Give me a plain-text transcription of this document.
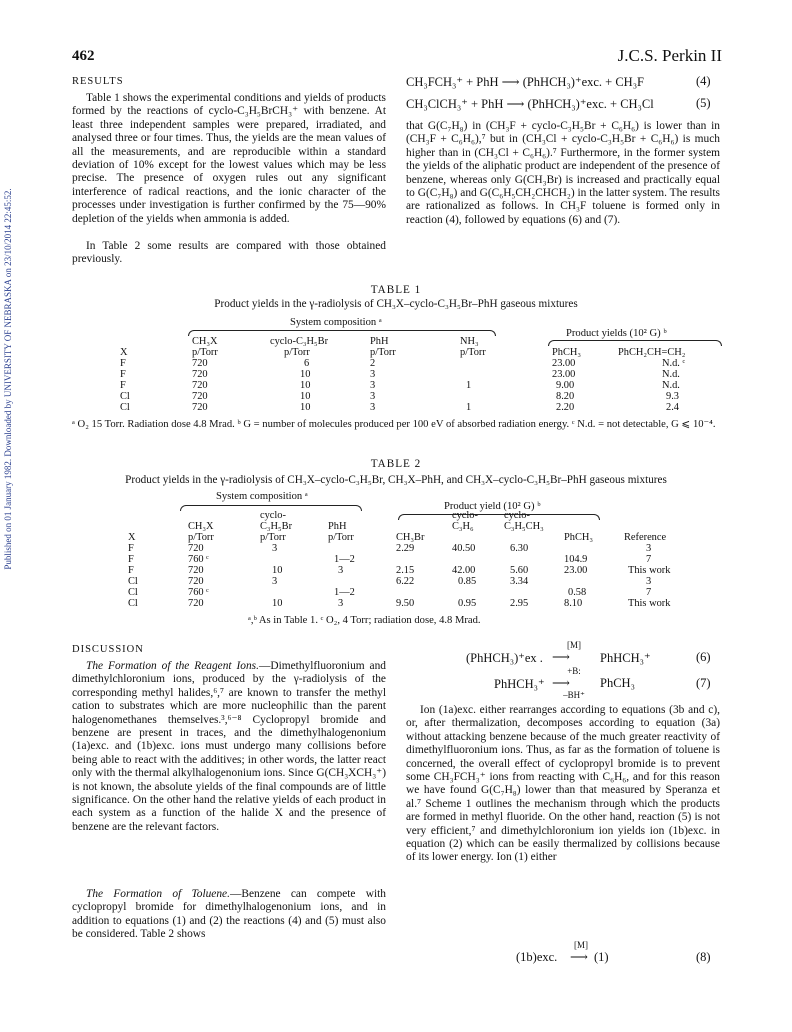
Published on 01 January 1982. Downloaded by UNIVERSITY OF NEBRASKA on 23/10/2014 22:45:52.
462	J.C.S. Perkin II
RESULTS

Table 1 shows the experimental conditions and yields of products formed by the reactions of cyclo-C₃H₅BrCH₃⁺ with benzene. At least three independent samples were prepared, irradiated, and analysed three or four times. Thus, the yields are the mean values of all the measurements, and are reproducible within a standard deviation of 10% except for the lowest values which may be less precise. The presence of oxygen rules out any significant interference of radical reactions, and the ionic character of the processes under investigation is further confirmed by the 75—90% depletion of the yields when ammonia is added.

In Table 2 some results are compared with those obtained previously.

CH₃FCH₃⁺ + PhH ⟶ (PhHCH₃)⁺exc. + CH₃F	(4)
CH₃ClCH₃⁺ + PhH ⟶ (PhHCH₃)⁺exc. + CH₃Cl	(5)

that G(C₇H₈) in (CH₃F + cyclo-C₃H₅Br + C₆H₆) is lower than in (CH₃F + C₆H₆),⁷ but in (CH₃Cl + cyclo-C₃H₅Br + C₆H₆) is much higher than in (CH₃Cl + C₆H₆).⁷ Furthermore, in the former system the yields of the aliphatic product are independent of the presence of benzene, whereas only G(CH₃Br) is increased and practically equal to G(C₇H₈) and G(C₆H₅CH₂CHCH₂) in the latter system. The results are rationalized as follows. In CH₃F toluene is formed only in reaction (4), followed by equations (6) and (7).

TABLE 1
Product yields in the γ-radiolysis of CH₃X–cyclo-C₃H₅Br–PhH gaseous mixtures
System composition ᵃ
Product yields (10² G) ᵇ
	CH₃X	cyclo-C₃H₅Br	PhH	NH₃		
X	p/Torr	p/Torr	p/Torr	p/Torr	PhCH₃	PhCH₂CH=CH₂
F	720	6	2		23.00	N.d. ᶜ
F	720	10	3		23.00	N.d.
F	720	10	3	1	9.00	N.d.
Cl	720	10	3		8.20	9.3
Cl	720	10	3	1	2.20	2.4
ᵃ O₂ 15 Torr. Radiation dose 4.8 Mrad. ᵇ G = number of molecules produced per 100 eV of absorbed radiation energy. ᶜ N.d. = not detectable, G ⩽ 10⁻⁴.
TABLE 2
Product yields in the γ-radiolysis of CH₃X–cyclo-C₃H₅Br, CH₃X–PhH, and CH₃X–cyclo-C₃H₅Br–PhH gaseous mixtures
System composition ᵃ
Product yield (10² G) ᵇ
		cyclo-			cyclo-	cyclo-		
	CH₃X	C₃H₅Br	PhH		C₃H₆	C₃H₅CH₃		
X	p/Torr	p/Torr	p/Torr	CH₃Br			PhCH₃	Reference
F	720	3		2.29	40.50	6.30		3
F	760 ᶜ		1—2				104.9	7
F	720	10	3	2.15	42.00	5.60	23.00	This work
Cl	720	3		6.22	0.85	3.34		3
Cl	760 ᶜ		1—2				0.58	7
Cl	720	10	3	9.50	0.95	2.95	8.10	This work
ᵃ,ᵇ As in Table 1. ᶜ O₂, 4 Torr; radiation dose, 4.8 Mrad.
DISCUSSION

The Formation of the Reagent Ions.—Dimethylfluoronium and dimethylchloronium ions, produced by the γ-radiolysis of the corresponding methyl halides,⁶,⁷ are known to transfer the methyl cation to substrates which are more nucleophilic than the parent halogenomethanes themselves.³,⁶⁻⁸ Cyclopropyl bromide and benzene are present in traces, and the dimethylhalogenonium (1a)exc. and (1b)exc. ions must undergo many collisions before being able to react with the additives; in other words, the latter react only with the thermal alkylhalogenonium ions. Since G(CH₃XCH₃⁺) is not known, the absolute yields of the final compounds are of little significance. On the other hand the relative yields of each product in each system as a function of the halide X and the presence of benzene are the relevant factors.

The Formation of Toluene.—Benzene can compete with cyclopropyl bromide for dimethylhalogenonium ions, and in addition to equations (1) and (2) the reactions (4) and (5) must also be considered. Table 2 shows

(PhHCH₃)⁺ex .
[M]
⟶ PhHCH₃⁺	(6)
PhHCH₃⁺
+B:
⟶
–BH⁺
PhCH₃	(7)

Ion (1a)exc. either rearranges according to equations (3b and c), or, after thermalization, decomposes according to equation (3a) without attacking benzene because of the much greater reactivity of dimethylfluoronium ions. Thus, as far as the formation of toluene is concerned, the overall effect of cyclopropyl bromide is to prevent some CH₃FCH₃⁺ ions from reacting with C₆H₆, and for this reason we have found G(C₇H₈) lower than that measured by Speranza et al.⁷ Scheme 1 outlines the mechanism through which the products are formed in methyl fluoride. On the other hand, reaction (5) is not very efficient,⁷ and dimethylchloronium ion yields ion (1b)exc. in equation (2) which can be easily thermalized by collisions because of its lower energy. Ion (1) either

(1b)exc.
[M]
⟶ (1)	(8)
